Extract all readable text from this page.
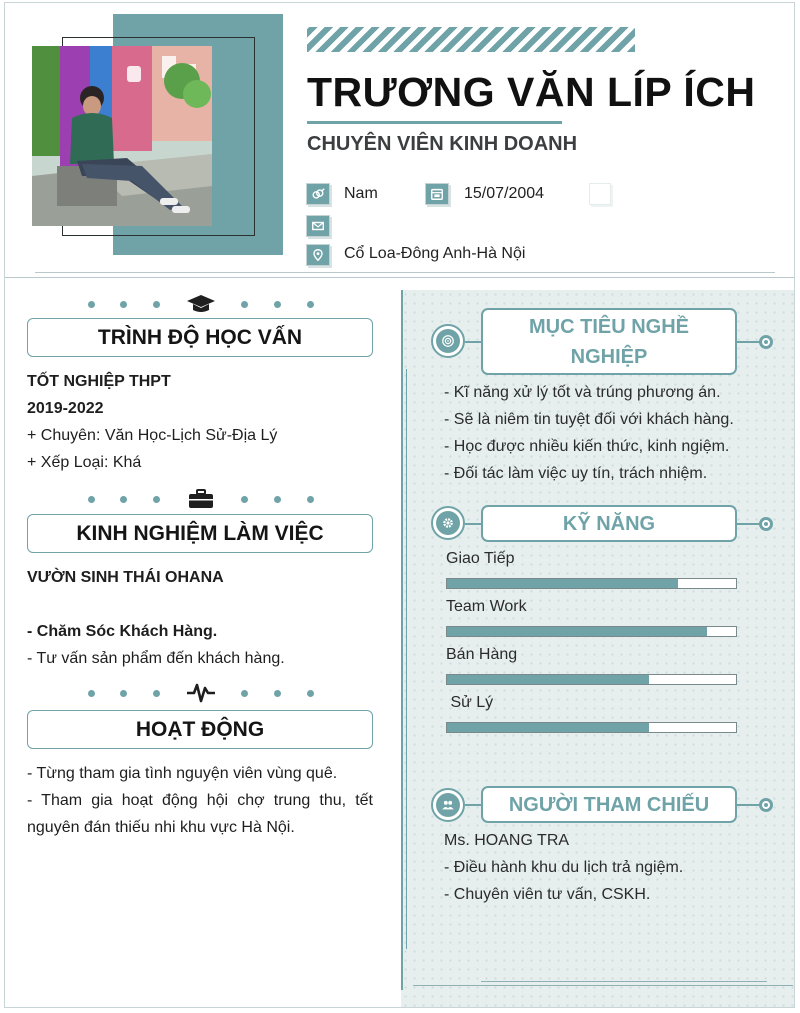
TRƯƠNG VĂN LÍP ÍCH
CHUYÊN VIÊN KINH DOANH
Nam	15/07/2004
Cổ Loa-Đông Anh-Hà Nội
TRÌNH ĐỘ HỌC VẤN
TỐT NGHIỆP THPT
2019-2022
+ Chuyên: Văn Học-Lịch Sử-Địa Lý
+ Xếp Loại: Khá
KINH NGHIỆM LÀM VIỆC
VƯỜN SINH THÁI OHANA
- Chăm Sóc Khách Hàng.
- Tư vấn sản phẩm đến khách hàng.
HOẠT ĐỘNG
- Từng tham gia tình nguyện viên vùng quê.
- Tham gia hoạt động hội chợ trung thu, tết nguyên đán thiếu nhi khu vực Hà Nội.
MỤC TIÊU NGHỀ
NGHIỆP
- Kĩ năng xử lý tốt và trúng phương án.
- Sẽ là niêm tin tuyệt đối với khách hàng.
- Học được nhiều kiến thức, kinh ngiệm.
- Đối tác làm việc uy tín, trách nhiệm.
KỸ NĂNG
Giao Tiếp
Team Work
Bán Hàng
Sử Lý
NGƯỜI THAM CHIẾU
Ms. HOANG TRA
- Điều hành khu du lịch trả ngiệm.
- Chuyên viên tư vấn, CSKH.
